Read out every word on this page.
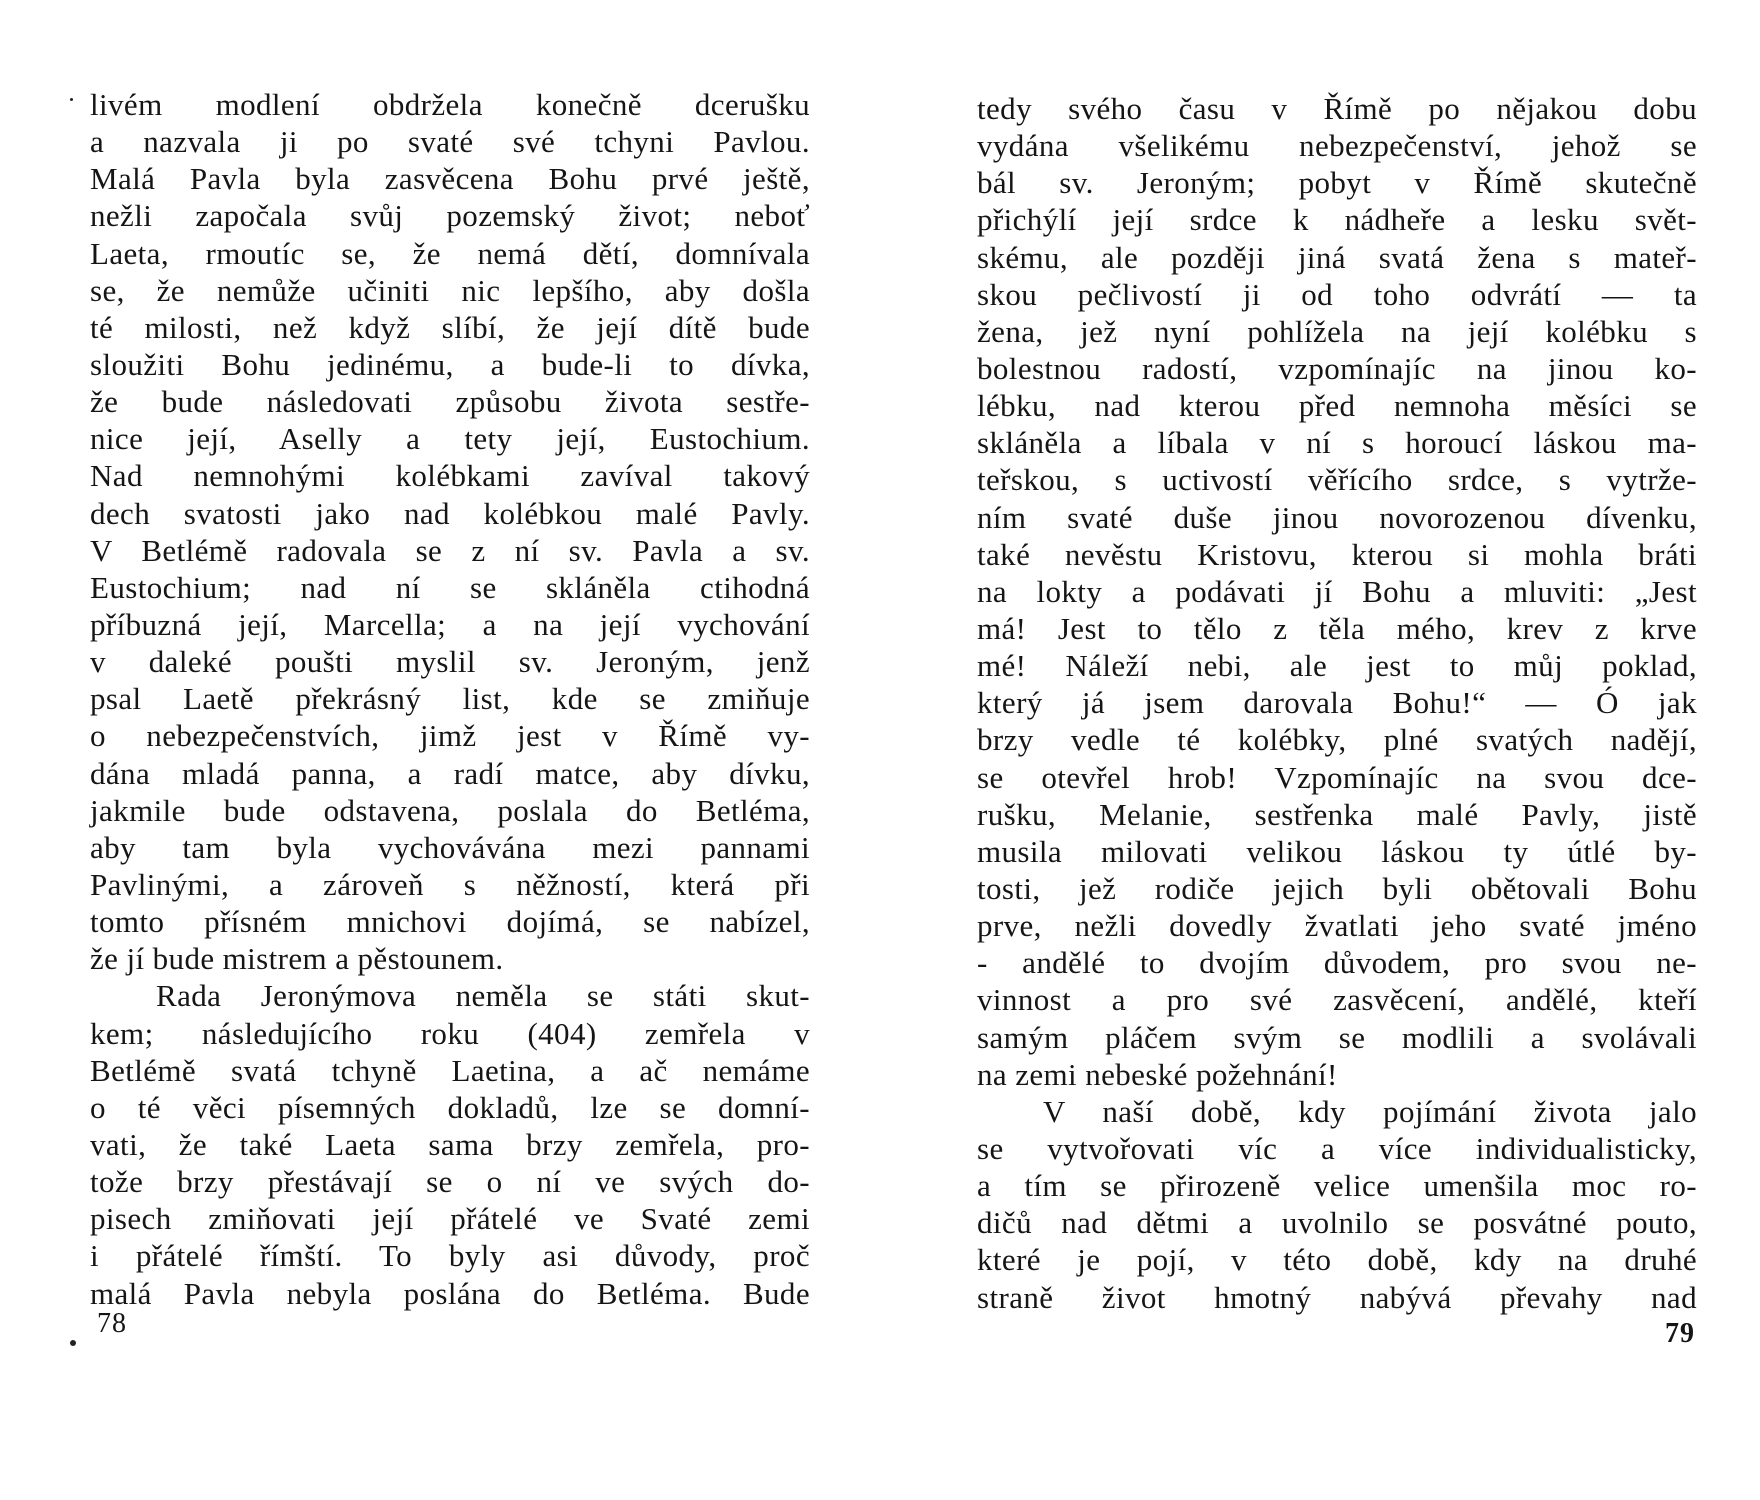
livém modlení obdržela konečně dcerušku
a nazvala ji po svaté své tchyni Pavlou.
Malá Pavla byla zasvěcena Bohu prvé ještě,
nežli započala svůj pozemský život; neboť
Laeta, rmoutíc se, že nemá dětí, domnívala
se, že nemůže učiniti nic lepšího, aby došla
té milosti, než když slíbí, že její dítě bude
sloužiti Bohu jedinému, a bude-li to dívka,
že bude následovati způsobu života sestře-
nice její, Aselly a tety její, Eustochium.
Nad nemnohými kolébkami zavíval takový
dech svatosti jako nad kolébkou malé Pavly.
V Betlémě radovala se z ní sv. Pavla a sv.
Eustochium; nad ní se skláněla ctihodná
příbuzná její, Marcella; a na její vychování
v daleké poušti myslil sv. Jeroným, jenž
psal Laetě překrásný list, kde se zmiňuje
o nebezpečenstvích, jimž jest v Římě vy-
dána mladá panna, a radí matce, aby dívku,
jakmile bude odstavena, poslala do Betléma,
aby tam byla vychovávána mezi pannami
Pavlinými, a zároveň s něžností, která při
tomto přísném mnichovi dojímá, se nabízel,
že jí bude mistrem a pěstounem.
Rada Jeronýmova neměla se státi skut-
kem; následujícího roku (404) zemřela v
Betlémě svatá tchyně Laetina, a ač nemáme
o té věci písemných dokladů, lze se domní-
vati, že také Laeta sama brzy zemřela, pro-
tože brzy přestávají se o ní ve svých do-
pisech zmiňovati její přátelé ve Svaté zemi
i přátelé římští. To byly asi důvody, proč
malá Pavla nebyla poslána do Betléma. Bude
78
tedy svého času v Římě po nějakou dobu
vydána všelikému nebezpečenství, jehož se
bál sv. Jeroným; pobyt v Římě skutečně
přichýlí její srdce k nádheře a lesku svět-
skému, ale později jiná svatá žena s mateř-
skou pečlivostí ji od toho odvrátí — ta
žena, jež nyní pohlížela na její kolébku s
bolestnou radostí, vzpomínajíc na jinou ko-
lébku, nad kterou před nemnoha měsíci se
skláněla a líbala v ní s horoucí láskou ma-
teřskou, s uctivostí věřícího srdce, s vytrže-
ním svaté duše jinou novorozenou dívenku,
také nevěstu Kristovu, kterou si mohla bráti
na lokty a podávati jí Bohu a mluviti: „Jest
má! Jest to tělo z těla mého, krev z krve
mé! Náleží nebi, ale jest to můj poklad,
který já jsem darovala Bohu!“ — Ó jak
brzy vedle té kolébky, plné svatých nadějí,
se otevřel hrob! Vzpomínajíc na svou dce-
rušku, Melanie, sestřenka malé Pavly, jistě
musila milovati velikou láskou ty útlé by-
tosti, jež rodiče jejich byli obětovali Bohu
prve, nežli dovedly žvatlati jeho svaté jméno
- andělé to dvojím důvodem, pro svou ne-
vinnost a pro své zasvěcení, andělé, kteří
samým pláčem svým se modlili a svolávali
na zemi nebeské požehnání!
V naší době, kdy pojímání života jalo
se vytvořovati víc a více individualisticky,
a tím se přirozeně velice umenšila moc ro-
dičů nad dětmi a uvolnilo se posvátné pouto,
které je pojí, v této době, kdy na druhé
straně život hmotný nabývá převahy nad
79
